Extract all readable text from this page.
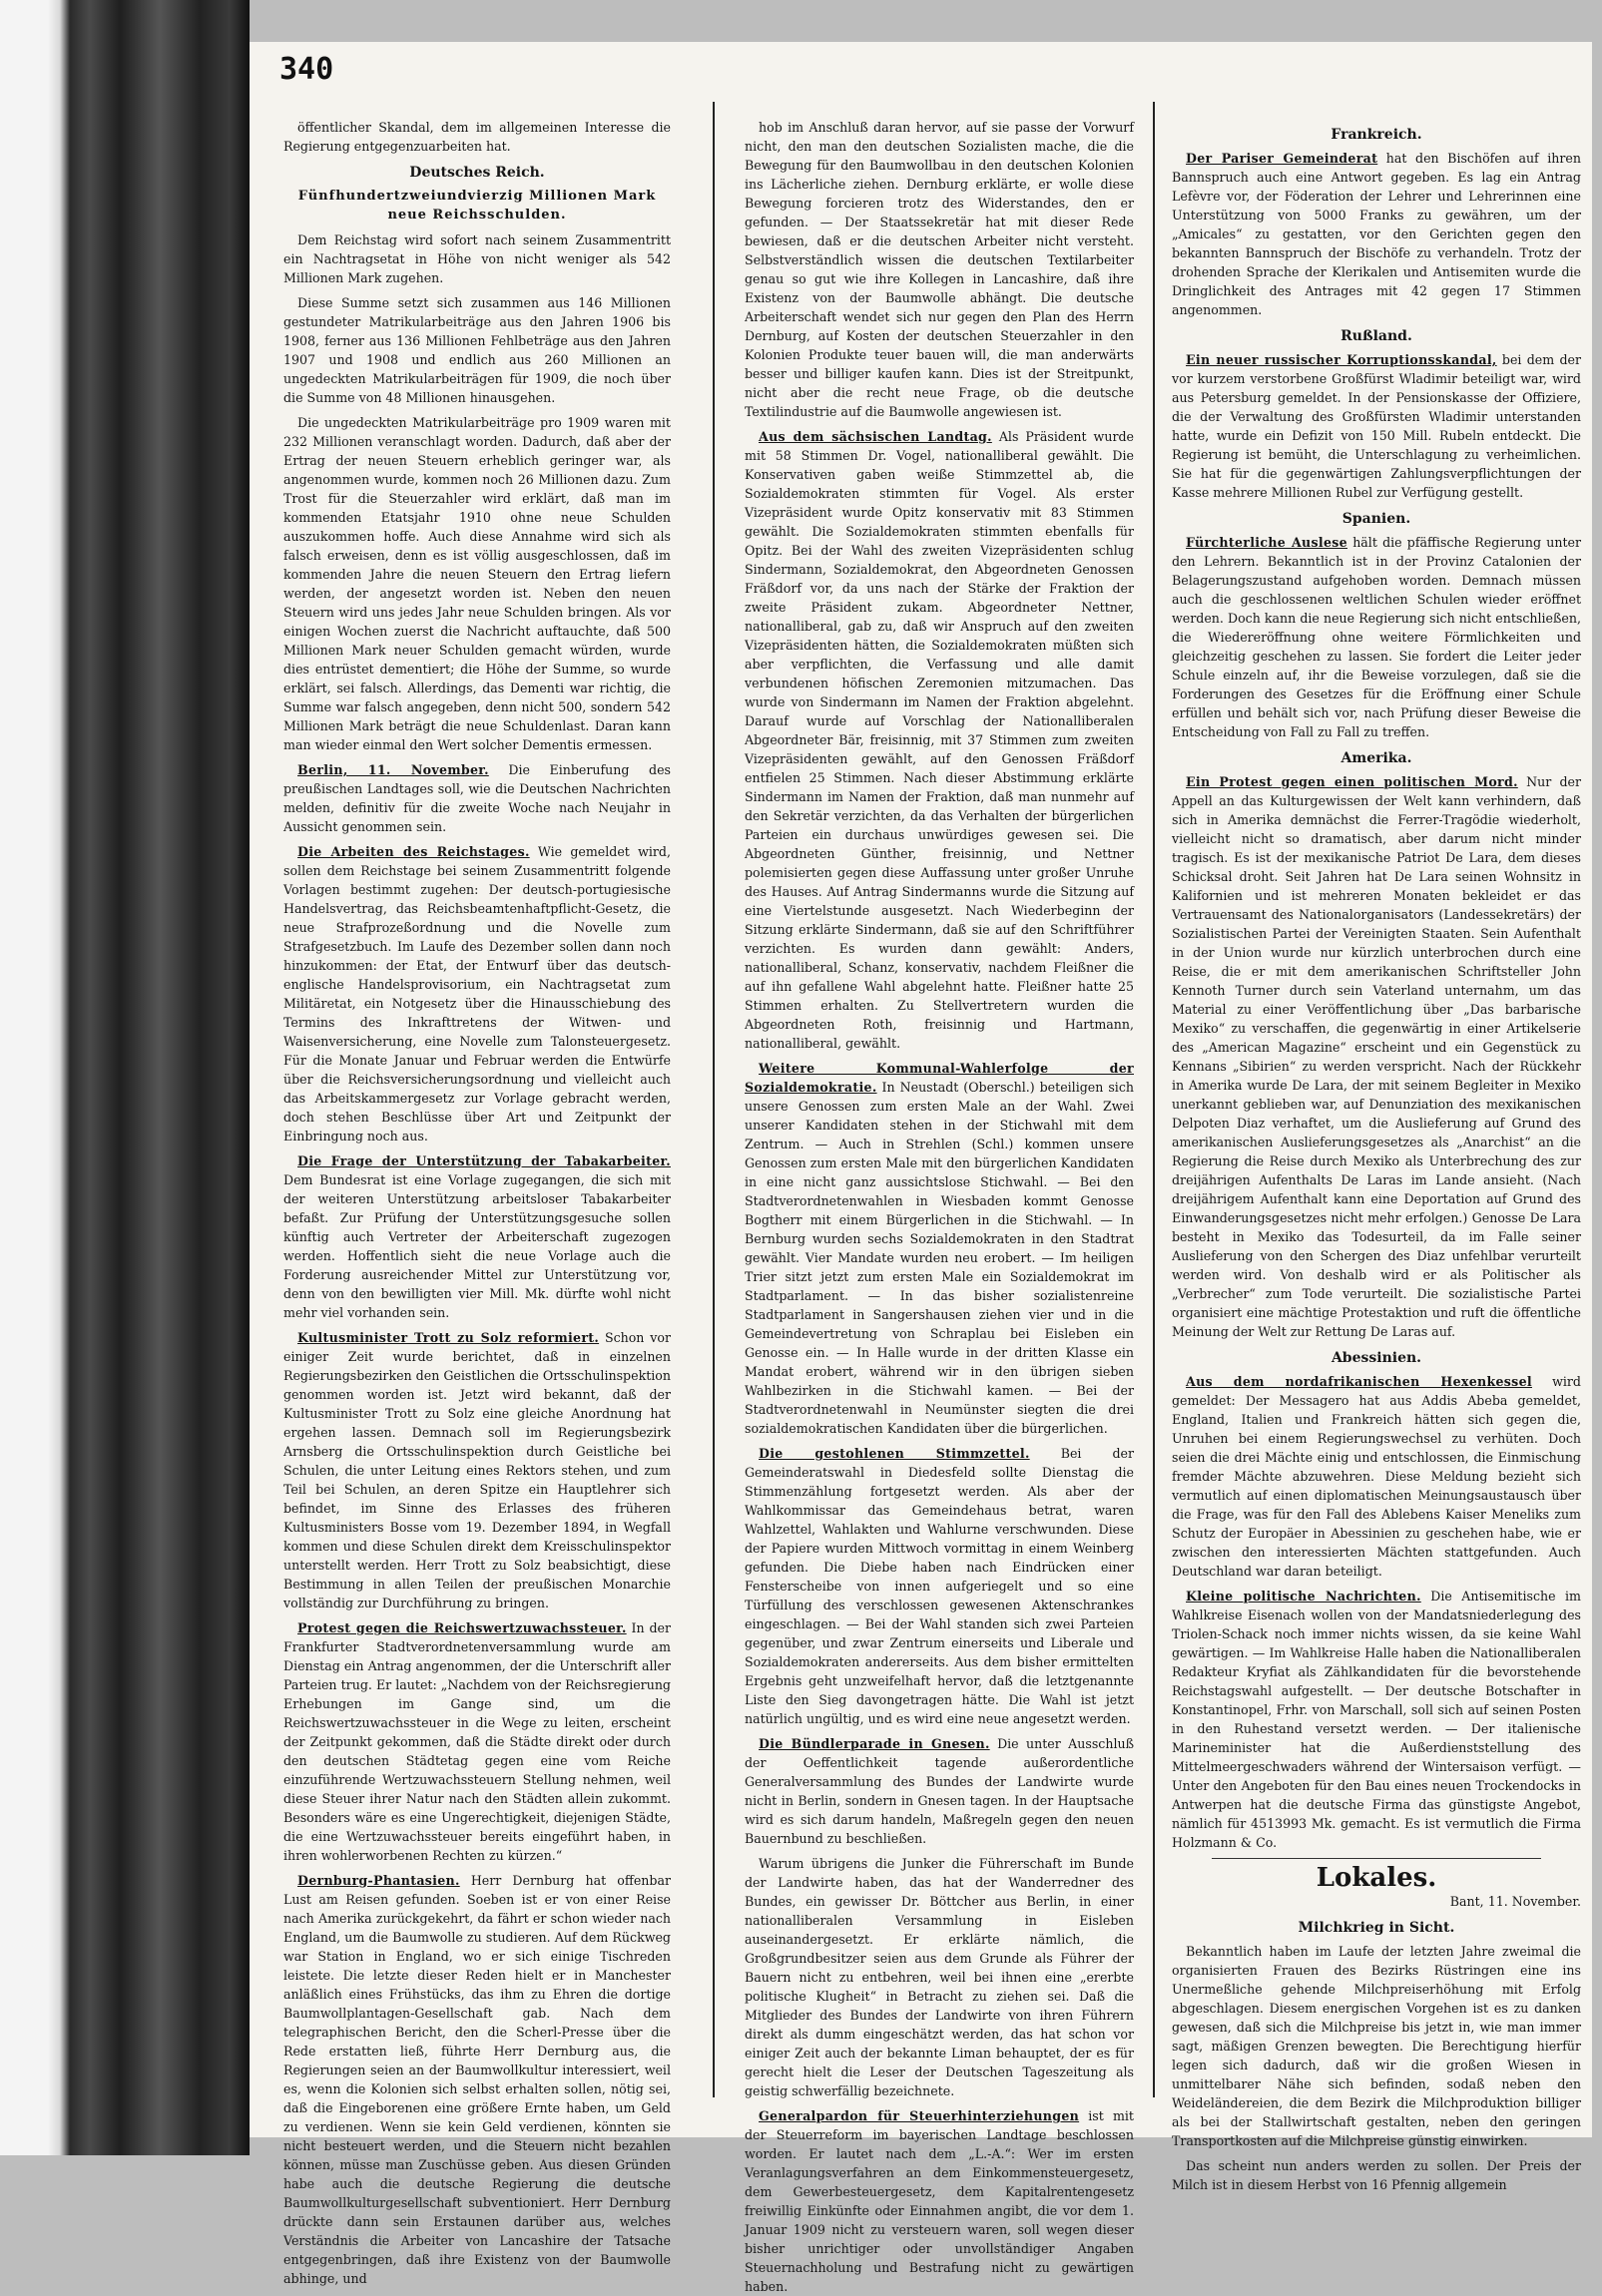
340

öffentlicher Skandal, dem im allgemeinen Interesse die Regierung entgegenzuarbeiten hat.

Deutsches Reich.
Fünfhundertzweiundvierzig Millionen Mark neue Reichsschulden.

Dem Reichstag wird sofort nach seinem Zusammentritt ein Nachtragsetat in Höhe von nicht weniger als 542 Millionen Mark zugehen.

Diese Summe setzt sich zusammen aus 146 Millionen gestundeter Matrikularbeiträge aus den Jahren 1906 bis 1908, ferner aus 136 Millionen Fehlbeträge aus den Jahren 1907 und 1908 und endlich aus 260 Millionen an ungedeckten Matrikularbeiträgen für 1909, die noch über die Summe von 48 Millionen hinausgehen.

Die ungedeckten Matrikularbeiträge pro 1909 waren mit 232 Millionen veranschlagt worden. Dadurch, daß aber der Ertrag der neuen Steuern erheblich geringer war, als angenommen wurde, kommen noch 26 Millionen dazu. Zum Trost für die Steuerzahler wird erklärt, daß man im kommenden Etatsjahr 1910 ohne neue Schulden auszukommen hoffe. Auch diese Annahme wird sich als falsch erweisen, denn es ist völlig ausgeschlossen, daß im kommenden Jahre die neuen Steuern den Ertrag liefern werden, der angesetzt worden ist. Neben den neuen Steuern wird uns jedes Jahr neue Schulden bringen. Als vor einigen Wochen zuerst die Nachricht auftauchte, daß 500 Millionen Mark neuer Schulden gemacht würden, wurde dies entrüstet dementiert; die Höhe der Summe, so wurde erklärt, sei falsch. Allerdings, das Dementi war richtig, die Summe war falsch angegeben, denn nicht 500, sondern 542 Millionen Mark beträgt die neue Schuldenlast. Daran kann man wieder einmal den Wert solcher Dementis ermessen.

Berlin, 11. November. Die Einberufung des preußischen Landtages soll, wie die Deutschen Nachrichten melden, definitiv für die zweite Woche nach Neujahr in Aussicht genommen sein.

Die Arbeiten des Reichstages. Wie gemeldet wird, sollen dem Reichstage bei seinem Zusammentritt folgende Vorlagen bestimmt zugehen: Der deutsch-portugiesische Handelsvertrag, das Reichsbeamtenhaftpflicht-Gesetz, die neue Strafprozeßordnung und die Novelle zum Strafgesetzbuch. Im Laufe des Dezember sollen dann noch hinzukommen: der Etat, der Entwurf über das deutsch-englische Handelsprovisorium, ein Nachtragsetat zum Militäretat, ein Notgesetz über die Hinausschiebung des Termins des Inkrafttretens der Witwen- und Waisenversicherung, eine Novelle zum Talonsteuergesetz. Für die Monate Januar und Februar werden die Entwürfe über die Reichsversicherungsordnung und vielleicht auch das Arbeitskammergesetz zur Vorlage gebracht werden, doch stehen Beschlüsse über Art und Zeitpunkt der Einbringung noch aus.

Die Frage der Unterstützung der Tabakarbeiter. Dem Bundesrat ist eine Vorlage zugegangen, die sich mit der weiteren Unterstützung arbeitsloser Tabakarbeiter befaßt. Zur Prüfung der Unterstützungsgesuche sollen künftig auch Vertreter der Arbeiterschaft zugezogen werden. Hoffentlich sieht die neue Vorlage auch die Forderung ausreichender Mittel zur Unterstützung vor, denn von den bewilligten vier Mill. Mk. dürfte wohl nicht mehr viel vorhanden sein.

Kultusminister Trott zu Solz reformiert. Schon vor einiger Zeit wurde berichtet, daß in einzelnen Regierungsbezirken den Geistlichen die Ortsschulinspektion genommen worden ist. Jetzt wird bekannt, daß der Kultusminister Trott zu Solz eine gleiche Anordnung hat ergehen lassen. Demnach soll im Regierungsbezirk Arnsberg die Ortsschulinspektion durch Geistliche bei Schulen, die unter Leitung eines Rektors stehen, und zum Teil bei Schulen, an deren Spitze ein Hauptlehrer sich befindet, im Sinne des Erlasses des früheren Kultusministers Bosse vom 19. Dezember 1894, in Wegfall kommen und diese Schulen direkt dem Kreisschulinspektor unterstellt werden. Herr Trott zu Solz beabsichtigt, diese Bestimmung in allen Teilen der preußischen Monarchie vollständig zur Durchführung zu bringen.

Protest gegen die Reichswertzuwachssteuer. In der Frankfurter Stadtverordnetenversammlung wurde am Dienstag ein Antrag angenommen, der die Unterschrift aller Parteien trug. Er lautet: „Nachdem von der Reichsregierung Erhebungen im Gange sind, um die Reichswertzuwachssteuer in die Wege zu leiten, erscheint der Zeitpunkt gekommen, daß die Städte direkt oder durch den deutschen Städtetag gegen eine vom Reiche einzuführende Wertzuwachssteuern Stellung nehmen, weil diese Steuer ihrer Natur nach den Städten allein zukommt. Besonders wäre es eine Ungerechtigkeit, diejenigen Städte, die eine Wertzuwachssteuer bereits eingeführt haben, in ihren wohlerworbenen Rechten zu kürzen.“

Dernburg-Phantasien. Herr Dernburg hat offenbar Lust am Reisen gefunden. Soeben ist er von einer Reise nach Amerika zurückgekehrt, da fährt er schon wieder nach England, um die Baumwolle zu studieren. Auf dem Rückweg war Station in England, wo er sich einige Tischreden leistete. Die letzte dieser Reden hielt er in Manchester anläßlich eines Frühstücks, das ihm zu Ehren die dortige Baumwollplantagen-Gesellschaft gab. Nach dem telegraphischen Bericht, den die Scherl-Presse über die Rede erstatten ließ, führte Herr Dernburg aus, die Regierungen seien an der Baumwollkultur interessiert, weil es, wenn die Kolonien sich selbst erhalten sollen, nötig sei, daß die Eingeborenen eine größere Ernte haben, um Geld zu verdienen. Wenn sie kein Geld verdienen, könnten sie nicht besteuert werden, und die Steuern nicht bezahlen können, müsse man Zuschüsse geben. Aus diesen Gründen habe auch die deutsche Regierung die deutsche Baumwollkulturgesellschaft subventioniert. Herr Dernburg drückte dann sein Erstaunen darüber aus, welches Verständnis die Arbeiter von Lancashire der Tatsache entgegenbringen, daß ihre Existenz von der Baumwolle abhinge, und

hob im Anschluß daran hervor, auf sie passe der Vorwurf nicht, den man den deutschen Sozialisten mache, die die Bewegung für den Baumwollbau in den deutschen Kolonien ins Lächerliche ziehen. Dernburg erklärte, er wolle diese Bewegung forcieren trotz des Widerstandes, den er gefunden. — Der Staatssekretär hat mit dieser Rede bewiesen, daß er die deutschen Arbeiter nicht versteht. Selbstverständlich wissen die deutschen Textilarbeiter genau so gut wie ihre Kollegen in Lancashire, daß ihre Existenz von der Baumwolle abhängt. Die deutsche Arbeiterschaft wendet sich nur gegen den Plan des Herrn Dernburg, auf Kosten der deutschen Steuerzahler in den Kolonien Produkte teuer bauen will, die man anderwärts besser und billiger kaufen kann. Dies ist der Streitpunkt, nicht aber die recht neue Frage, ob die deutsche Textilindustrie auf die Baumwolle angewiesen ist.

Aus dem sächsischen Landtag. Als Präsident wurde mit 58 Stimmen Dr. Vogel, nationalliberal gewählt. Die Konservativen gaben weiße Stimmzettel ab, die Sozialdemokraten stimmten für Vogel. Als erster Vizepräsident wurde Opitz konservativ mit 83 Stimmen gewählt. Die Sozialdemokraten stimmten ebenfalls für Opitz. Bei der Wahl des zweiten Vizepräsidenten schlug Sindermann, Sozialdemokrat, den Abgeordneten Genossen Fräßdorf vor, da uns nach der Stärke der Fraktion der zweite Präsident zukam. Abgeordneter Nettner, nationalliberal, gab zu, daß wir Anspruch auf den zweiten Vizepräsidenten hätten, die Sozialdemokraten müßten sich aber verpflichten, die Verfassung und alle damit verbundenen höfischen Zeremonien mitzumachen. Das wurde von Sindermann im Namen der Fraktion abgelehnt. Darauf wurde auf Vorschlag der Nationalliberalen Abgeordneter Bär, freisinnig, mit 37 Stimmen zum zweiten Vizepräsidenten gewählt, auf den Genossen Fräßdorf entfielen 25 Stimmen. Nach dieser Abstimmung erklärte Sindermann im Namen der Fraktion, daß man nunmehr auf den Sekretär verzichten, da das Verhalten der bürgerlichen Parteien ein durchaus unwürdiges gewesen sei. Die Abgeordneten Günther, freisinnig, und Nettner polemisierten gegen diese Auffassung unter großer Unruhe des Hauses. Auf Antrag Sindermanns wurde die Sitzung auf eine Viertelstunde ausgesetzt. Nach Wiederbeginn der Sitzung erklärte Sindermann, daß sie auf den Schriftführer verzichten. Es wurden dann gewählt: Anders, nationalliberal, Schanz, konservativ, nachdem Fleißner die auf ihn gefallene Wahl abgelehnt hatte. Fleißner hatte 25 Stimmen erhalten. Zu Stellvertretern wurden die Abgeordneten Roth, freisinnig und Hartmann, nationalliberal, gewählt.

Weitere Kommunal-Wahlerfolge der Sozialdemokratie. In Neustadt (Oberschl.) beteiligen sich unsere Genossen zum ersten Male an der Wahl. Zwei unserer Kandidaten stehen in der Stichwahl mit dem Zentrum. — Auch in Strehlen (Schl.) kommen unsere Genossen zum ersten Male mit den bürgerlichen Kandidaten in eine nicht ganz aussichtslose Stichwahl. — Bei den Stadtverordnetenwahlen in Wiesbaden kommt Genosse Bogtherr mit einem Bürgerlichen in die Stichwahl. — In Bernburg wurden sechs Sozialdemokraten in den Stadtrat gewählt. Vier Mandate wurden neu erobert. — Im heiligen Trier sitzt jetzt zum ersten Male ein Sozialdemokrat im Stadtparlament. — In das bisher sozialistenreine Stadtparlament in Sangershausen ziehen vier und in die Gemeindevertretung von Schraplau bei Eisleben ein Genosse ein. — In Halle wurde in der dritten Klasse ein Mandat erobert, während wir in den übrigen sieben Wahlbezirken in die Stichwahl kamen. — Bei der Stadtverordnetenwahl in Neumünster siegten die drei sozialdemokratischen Kandidaten über die bürgerlichen.

Die gestohlenen Stimmzettel. Bei der Gemeinderatswahl in Diedesfeld sollte Dienstag die Stimmenzählung fortgesetzt werden. Als aber der Wahlkommissar das Gemeindehaus betrat, waren Wahlzettel, Wahlakten und Wahlurne verschwunden. Diese der Papiere wurden Mittwoch vormittag in einem Weinberg gefunden. Die Diebe haben nach Eindrücken einer Fensterscheibe von innen aufgeriegelt und so eine Türfüllung des verschlossen gewesenen Aktenschrankes eingeschlagen. — Bei der Wahl standen sich zwei Parteien gegenüber, und zwar Zentrum einerseits und Liberale und Sozialdemokraten andererseits. Aus dem bisher ermittelten Ergebnis geht unzweifelhaft hervor, daß die letztgenannte Liste den Sieg davongetragen hätte. Die Wahl ist jetzt natürlich ungültig, und es wird eine neue angesetzt werden.

Die Bündlerparade in Gnesen. Die unter Ausschluß der Oeffentlichkeit tagende außerordentliche Generalversammlung des Bundes der Landwirte wurde nicht in Berlin, sondern in Gnesen tagen. In der Hauptsache wird es sich darum handeln, Maßregeln gegen den neuen Bauernbund zu beschließen.

Warum übrigens die Junker die Führerschaft im Bunde der Landwirte haben, das hat der Wanderredner des Bundes, ein gewisser Dr. Böttcher aus Berlin, in einer nationalliberalen Versammlung in Eisleben auseinandergesetzt. Er erklärte nämlich, die Großgrundbesitzer seien aus dem Grunde als Führer der Bauern nicht zu entbehren, weil bei ihnen eine „ererbte politische Klugheit“ in Betracht zu ziehen sei. Daß die Mitglieder des Bundes der Landwirte von ihren Führern direkt als dumm eingeschätzt werden, das hat schon vor einiger Zeit auch der bekannte Liman behauptet, der es für gerecht hielt die Leser der Deutschen Tageszeitung als geistig schwerfällig bezeichnete.

Generalpardon für Steuerhinterziehungen ist mit der Steuerreform im bayerischen Landtage beschlossen worden. Er lautet nach dem „L.-A.“: Wer im ersten Veranlagungsverfahren an dem Einkommensteuergesetz, dem Gewerbesteuergesetz, dem Kapitalrentengesetz freiwillig Einkünfte oder Einnahmen angibt, die vor dem 1. Januar 1909 nicht zu versteuern waren, soll wegen dieser bisher unrichtiger oder unvollständiger Angaben Steuernachholung und Bestrafung nicht zu gewärtigen haben.

Frankreich.

Der Pariser Gemeinderat hat den Bischöfen auf ihren Bannspruch auch eine Antwort gegeben. Es lag ein Antrag Lefèvre vor, der Föderation der Lehrer und Lehrerinnen eine Unterstützung von 5000 Franks zu gewähren, um der „Amicales“ zu gestatten, vor den Gerichten gegen den bekannten Bannspruch der Bischöfe zu verhandeln. Trotz der drohenden Sprache der Klerikalen und Antisemiten wurde die Dringlichkeit des Antrages mit 42 gegen 17 Stimmen angenommen.

Rußland.

Ein neuer russischer Korruptionsskandal, bei dem der vor kurzem verstorbene Großfürst Wladimir beteiligt war, wird aus Petersburg gemeldet. In der Pensionskasse der Offiziere, die der Verwaltung des Großfürsten Wladimir unterstanden hatte, wurde ein Defizit von 150 Mill. Rubeln entdeckt. Die Regierung ist bemüht, die Unterschlagung zu verheimlichen. Sie hat für die gegenwärtigen Zahlungsverpflichtungen der Kasse mehrere Millionen Rubel zur Verfügung gestellt.

Spanien.

Fürchterliche Auslese hält die pfäffische Regierung unter den Lehrern. Bekanntlich ist in der Provinz Catalonien der Belagerungszustand aufgehoben worden. Demnach müssen auch die geschlossenen weltlichen Schulen wieder eröffnet werden. Doch kann die neue Regierung sich nicht entschließen, die Wiedereröffnung ohne weitere Förmlichkeiten und gleichzeitig geschehen zu lassen. Sie fordert die Leiter jeder Schule einzeln auf, ihr die Beweise vorzulegen, daß sie die Forderungen des Gesetzes für die Eröffnung einer Schule erfüllen und behält sich vor, nach Prüfung dieser Beweise die Entscheidung von Fall zu Fall zu treffen.

Amerika.

Ein Protest gegen einen politischen Mord. Nur der Appell an das Kulturgewissen der Welt kann verhindern, daß sich in Amerika demnächst die Ferrer-Tragödie wiederholt, vielleicht nicht so dramatisch, aber darum nicht minder tragisch. Es ist der mexikanische Patriot De Lara, dem dieses Schicksal droht. Seit Jahren hat De Lara seinen Wohnsitz in Kalifornien und ist mehreren Monaten bekleidet er das Vertrauensamt des Nationalorganisators (Landessekretärs) der Sozialistischen Partei der Vereinigten Staaten. Sein Aufenthalt in der Union wurde nur kürzlich unterbrochen durch eine Reise, die er mit dem amerikanischen Schriftsteller John Kennoth Turner durch sein Vaterland unternahm, um das Material zu einer Veröffentlichung über „Das barbarische Mexiko“ zu verschaffen, die gegenwärtig in einer Artikelserie des „American Magazine“ erscheint und ein Gegenstück zu Kennans „Sibirien“ zu werden verspricht. Nach der Rückkehr in Amerika wurde De Lara, der mit seinem Begleiter in Mexiko unerkannt geblieben war, auf Denunziation des mexikanischen Delpoten Diaz verhaftet, um die Auslieferung auf Grund des amerikanischen Auslieferungsgesetzes als „Anarchist“ an die Regierung die Reise durch Mexiko als Unterbrechung des zur dreijährigen Aufenthalts De Laras im Lande ansieht. (Nach dreijährigem Aufenthalt kann eine Deportation auf Grund des Einwanderungsgesetzes nicht mehr erfolgen.) Genosse De Lara besteht in Mexiko das Todesurteil, da im Falle seiner Auslieferung von den Schergen des Diaz unfehlbar verurteilt werden wird. Von deshalb wird er als Politischer als „Verbrecher“ zum Tode verurteilt. Die sozialistische Partei organisiert eine mächtige Protestaktion und ruft die öffentliche Meinung der Welt zur Rettung De Laras auf.

Abessinien.

Aus dem nordafrikanischen Hexenkessel wird gemeldet: Der Messagero hat aus Addis Abeba gemeldet, England, Italien und Frankreich hätten sich gegen die, Unruhen bei einem Regierungswechsel zu verhüten. Doch seien die drei Mächte einig und entschlossen, die Einmischung fremder Mächte abzuwehren. Diese Meldung bezieht sich vermutlich auf einen diplomatischen Meinungsaustausch über die Frage, was für den Fall des Ablebens Kaiser Meneliks zum Schutz der Europäer in Abessinien zu geschehen habe, wie er zwischen den interessierten Mächten stattgefunden. Auch Deutschland war daran beteiligt.

Kleine politische Nachrichten. Die Antisemitische im Wahlkreise Eisenach wollen von der Mandatsniederlegung des Triolen-Schack noch immer nichts wissen, da sie keine Wahl gewärtigen. — Im Wahlkreise Halle haben die Nationalliberalen Redakteur Kryfiat als Zählkandidaten für die bevorstehende Reichstagswahl aufgestellt. — Der deutsche Botschafter in Konstantinopel, Frhr. von Marschall, soll sich auf seinen Posten in den Ruhestand versetzt werden. — Der italienische Marineminister hat die Außerdienststellung des Mittelmeergeschwaders während der Wintersaison verfügt. — Unter den Angeboten für den Bau eines neuen Trockendocks in Antwerpen hat die deutsche Firma das günstigste Angebot, nämlich für 4513993 Mk. gemacht. Es ist vermutlich die Firma Holzmann & Co.

Lokales.
Bant, 11. November.
Milchkrieg in Sicht.

Bekanntlich haben im Laufe der letzten Jahre zweimal die organisierten Frauen des Bezirks Rüstringen eine ins Unermeßliche gehende Milchpreiserhöhung mit Erfolg abgeschlagen. Diesem energischen Vorgehen ist es zu danken gewesen, daß sich die Milchpreise bis jetzt in, wie man immer sagt, mäßigen Grenzen bewegten. Die Berechtigung hierfür legen sich dadurch, daß wir die großen Wiesen in unmittelbarer Nähe sich befinden, sodaß neben den Weideländereien, die dem Bezirk die Milchproduktion billiger als bei der Stallwirtschaft gestalten, neben den geringen Transportkosten auf die Milchpreise günstig einwirken.

Das scheint nun anders werden zu sollen. Der Preis der Milch ist in diesem Herbst von 16 Pfennig allgemein
